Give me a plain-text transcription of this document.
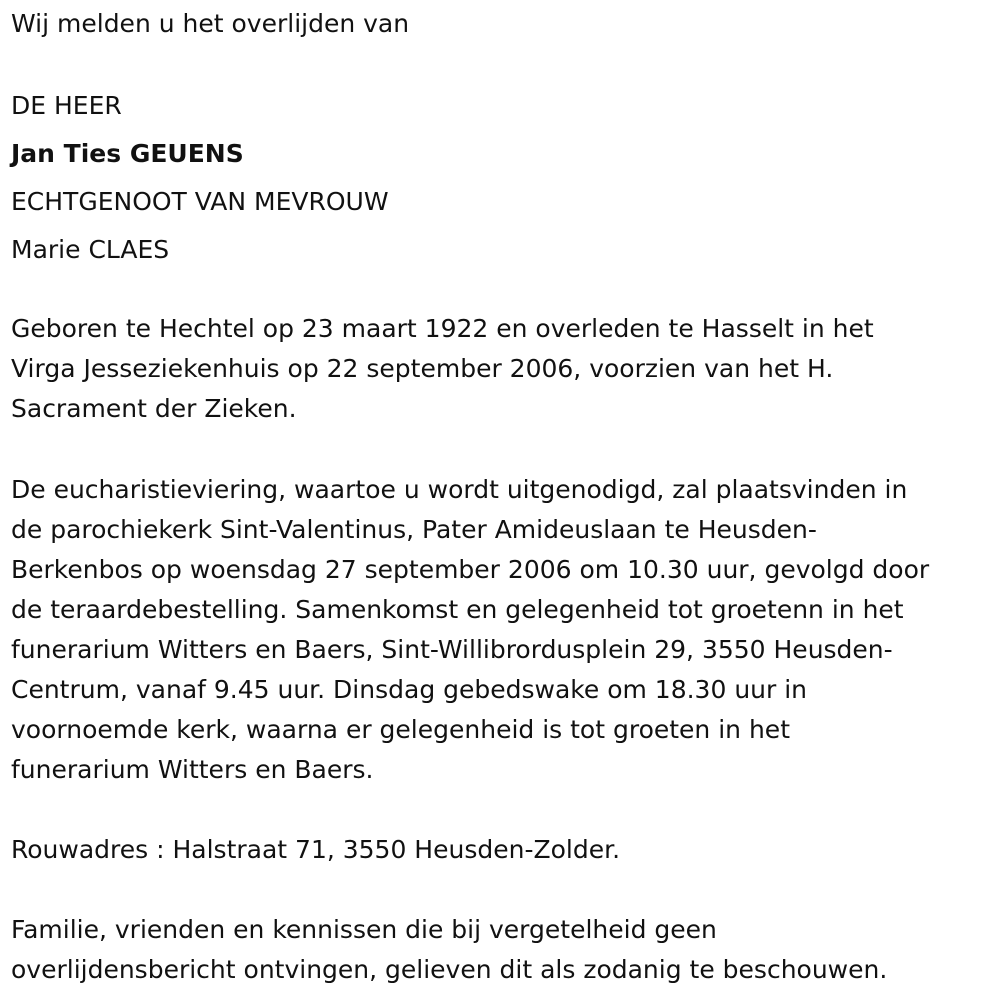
Wij melden u het overlijden van
DE HEER
Jan Ties GEUENS
ECHTGENOOT VAN MEVROUW
Marie CLAES
Geboren te Hechtel op 23 maart 1922 en overleden te Hasselt in het
Virga Jesseziekenhuis op 22 september 2006, voorzien van het H.
Sacrament der Zieken.
De eucharistieviering, waartoe u wordt uitgenodigd, zal plaatsvinden in
de parochiekerk Sint-Valentinus, Pater Amideuslaan te Heusden-
Berkenbos op woensdag 27 september 2006 om 10.30 uur, gevolgd door
de teraardebestelling. Samenkomst en gelegenheid tot groetenn in het
funerarium Witters en Baers, Sint-Willibrordusplein 29, 3550 Heusden-
Centrum, vanaf 9.45 uur. Dinsdag gebedswake om 18.30 uur in
voornoemde kerk, waarna er gelegenheid is tot groeten in het
funerarium Witters en Baers.
Rouwadres : Halstraat 71, 3550 Heusden-Zolder.
Familie, vrienden en kennissen die bij vergetelheid geen
overlijdensbericht ontvingen, gelieven dit als zodanig te beschouwen.
